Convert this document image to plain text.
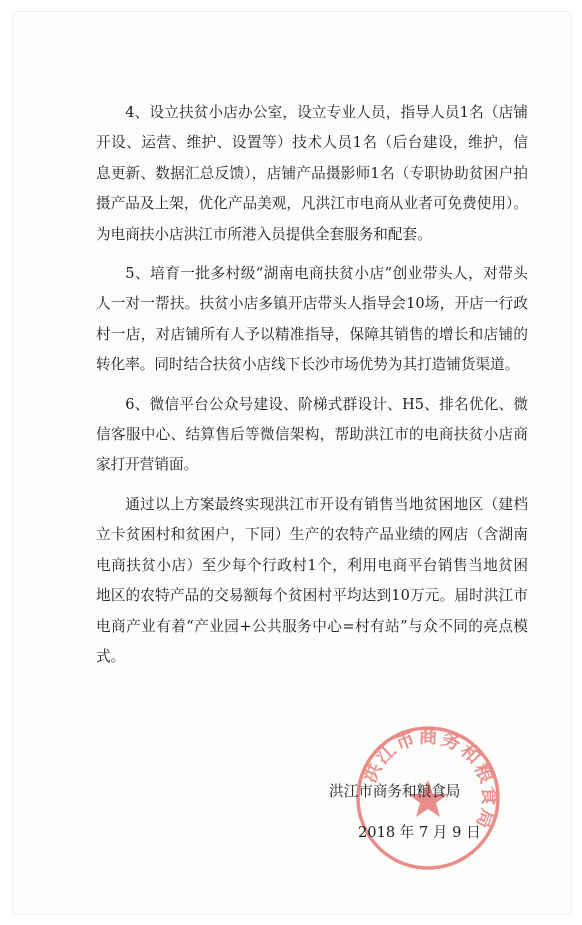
4、设立扶贫小店办公室，设立专业人员，指导人员1名（店铺开设、运营、维护、设置等）技术人员1名（后台建设，维护，信息更新、数据汇总反馈），店铺产品摄影师1名（专职协助贫困户拍摄产品及上架，优化产品美观，凡洪江市电商从业者可免费使用）。为电商扶小店洪江市所港入员提供全套服务和配套。

5、培育一批多村级“湖南电商扶贫小店”创业带头人，对带头人一对一帮扶。扶贫小店多镇开店带头人指导会10场，开店一行政村一店，对店铺所有人予以精准指导，保障其销售的增长和店铺的转化率。同时结合扶贫小店线下长沙市场优势为其打造铺货渠道。

6、微信平台公众号建设、阶梯式群设计、H5、排名优化、微信客服中心、结算售后等微信架构，帮助洪江市的电商扶贫小店商家打开营销面。

通过以上方案最终实现洪江市开设有销售当地贫困地区（建档立卡贫困村和贫困户，下同）生产的农特产品业绩的网店（含湖南电商扶贫小店）至少每个行政村1个，利用电商平台销售当地贫困地区的农特产品的交易额每个贫困村平均达到10万元。届时洪江市电商产业有着“产业园+公共服务中心=村有站”与众不同的亮点模式。

洪江市商务和粮食局
洪江市商务和粮食局
2018 年 7 月 9 日
